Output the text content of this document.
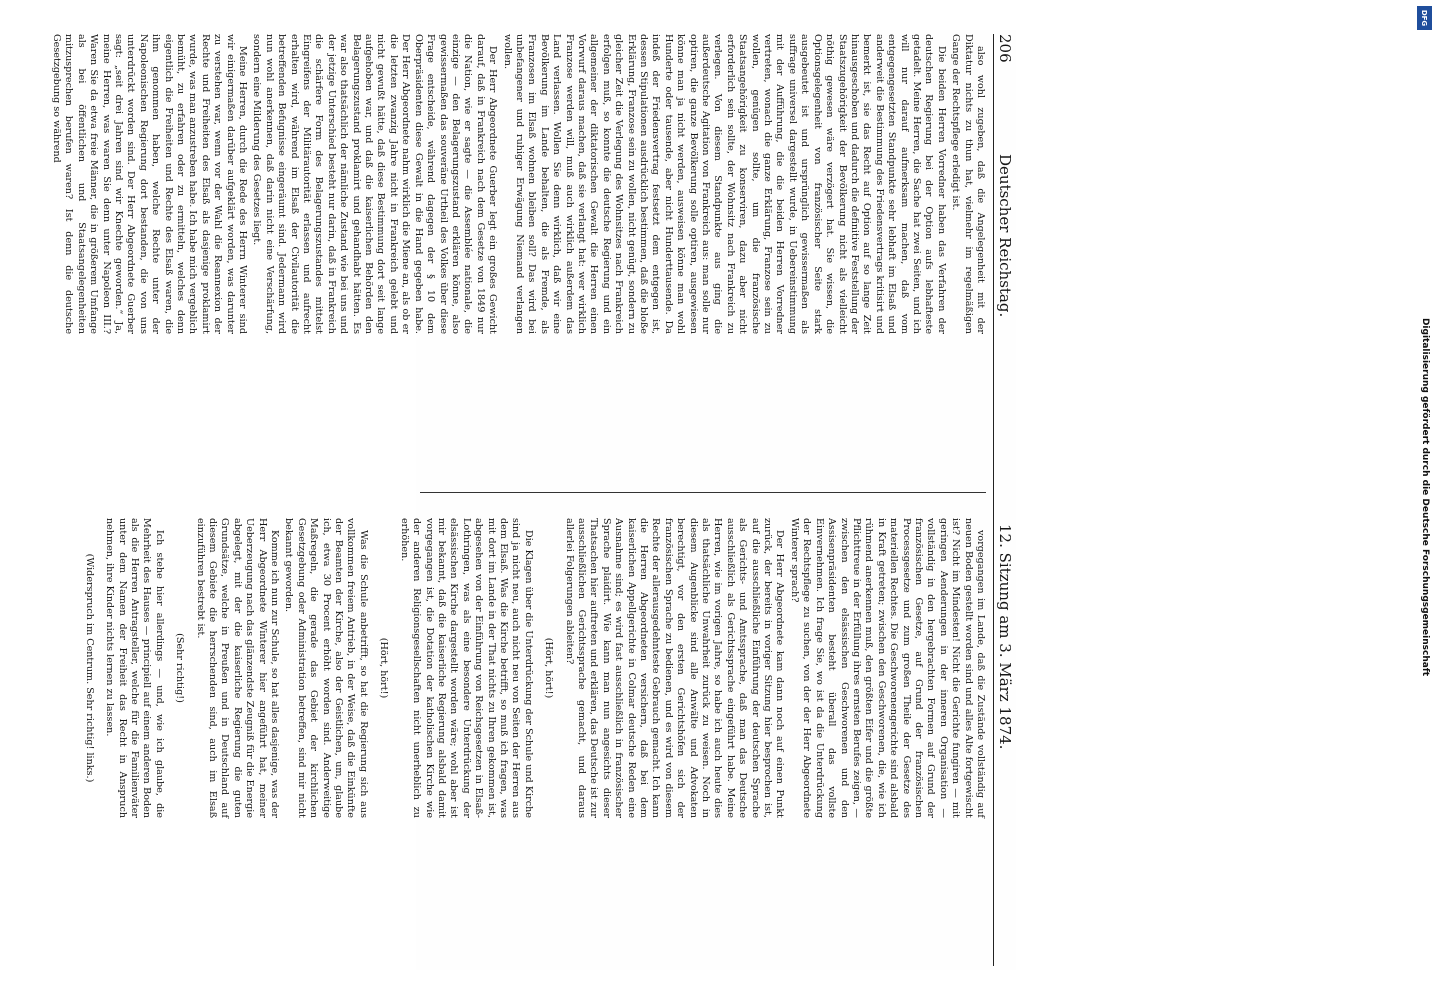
206
Deutscher Reichstag.
12. Sitzung am 3. März 1874.

also wohl zugeben, daß die Angelegenheit mit der Diktatur nichts zu thun hat, vielmehr im regelmäßigen Gange der Rechtspflege erledigt ist.

Die beiden Herren Vorredner haben das Verfahren der deutschen Regierung bei der Option aufs lebhafteste getadelt. Meine Herren, die Sache hat zwei Seiten, und ich will nur darauf aufmerksam machen, daß vom entgegengesetzten Standpunkte sehr lebhaft im Elsaß und anderweit die Bestimmung des Friedensvertrags kritisirt und bemerkt ist, sie das Recht auf Option auf so lange Zeit hinausgeschoben und dadurch die definitive Feststellung der Staatszugehörigkeit der Bevölkerung nicht als vielleicht nöthig gewesen wäre verzögert hat. Sie wissen, die Optionsgelegenheit von französischer Seite stark ausgebeutet ist und ursprünglich gewissermaßen als suffrage universel dargestellt wurde, in Uebereinstimmung mit der Aufführung, die die beiden Herren Vorredner vertreten, wonach die ganze Erklärung, Franzose sein zu wollen, genügen sollte, um die französische Staatsangehörigkeit zu konserviren, dazu aber nicht erforderlich sein sollte, der Wohnsitz nach Frankreich zu verlegen. Von diesem Standpunkte aus ging die außerdeutsche Agitation von Frankreich aus: man solle nur optiren, die ganze Bevölkerung solle optiren, ausgewiesen könne man ja nicht werden, ausweisen könne man wohl Hunderte oder tausende, aber nicht Hunderttausende. Da indeß der Friedensvertrag festsetzt dem entgegen ist, dessen Stipulationen ausdrücklich bestimmen, daß die bloße Erklärung, Franzose sein zu wollen, nicht genügt, sondern zu gleicher Zeit die Verlegung des Wohnsitzes nach Frankreich erfolgen muß, so konnte die deutsche Regierung und ein allgemeiner der diktatorischen Gewalt die Herren einen Vorwurf daraus machen, daß sie verlangt hat: wer wirklich Franzose werden will, muß auch wirklich außerdem das Land verlassen. Wollen Sie denn wirklich, daß wir eine Bevölkerung im Lande behalten, die als Fremde, als Franzosen im Elsaß wohnen bleiben soll? Das wird bei unbefangener und ruhiger Erwägung Niemand verlangen wollen.

Der Herr Abgeordnete Guerber legt ein großes Gewicht darauf, daß in Frankreich nach dem Gesetze von 1849 nur die Nation, wie er sagte — die Assemblée nationale, die einzige — den Belagerungszustand erklären könne, also gewissermaßen das souveräne Urtheil des Volkes über diese Frage entscheide, während dagegen der § 10 dem Oberpräsidenten diese Gewalt in die Hand gegeben habe. Der Herr Abgeordnete nahm wirklich die Miene an, als ob er die letzten zwanzig Jahre nicht in Frankreich gelebt und nicht gewußt hätte, daß diese Bestimmung dort seit lange aufgehoben war, und daß die kaiserlichen Behörden den Belagerungszustand proklamirt und gehandhabt hätten. Es war also thatsächlich der nämliche Zustand wie bei uns und der jetzige Unterschied besteht nur darin, daß in Frankreich die schärfere Form des Belagerungszustandes mittelst Eingreifens der Militärautorität erlassen und aufrecht erhalten wird, während im Elsaß der Civilautorität die betreffenden Befugnisse eingeräumt sind. Jedermann wird nun wohl anerkennen, daß darin nicht eine Verschärfung, sondern eine Milderung des Gesetzes liegt.

Meine Herren, durch die Rede des Herrn Winterer sind wir einigermaßen darüber aufgeklärt worden, was darunter zu verstehen war, wenn vor der Wahl die Reannexion der Rechte und Freiheiten des Elsaß als dasjenige proklamirt wurde, was man anzustreben habe. Ich habe mich vergeblich bemüht, zu erfahren oder zu ermitteln, welches denn eigentlich die Freiheiten und Rechte des Elsaß waren, die ihm genommen haben, welche Rechte unter der Napoleonischen Regierung dort bestanden, die von uns unterdrückt worden sind. Der Herr Abgeordnete Guerber sagt: „seit drei Jahren sind wir Knechte geworden.“ Ja, meine Herren, was waren Sie denn unter Napoleon III.? Waren Sie da etwa freie Männer, die in größerem Umfange als bei öffentlichen und Staatsangelegenheiten mitzusprechen berufen waren? Ist denn die deutsche Gesetzgebung so während

vorgegangen im Lande, daß die Zustände vollständig auf neuen Boden gestellt worden sind und alles Alte fortgewischt ist? Nicht im Mindesten! Nicht die Gerichte fungiren — mit geringen Aenderungen in der inneren Organisation — vollständig in den hergebrachten Formen auf Grund der französischen Gesetze, auf Grund der französischen Processgesetze und zum großen Theile der Gesetze des materiellen Rechtes. Die Geschworenengerichte sind alsbald in Kraft getreten; zwischen den Geschworenen, die, wie ich rühmend anerkennen muß, den größten Eifer und die größte Pflichttreue in der Erfüllung ihres ernsten Berufes zeigen, — zwischen den elsässischen Geschworenen und den Assisenpräsidenten besteht überall das vollste Einvernehmen. Ich frage Sie, wo ist da die Unterdrückung der Rechtspflege zu suchen, von der der Herr Abgeordnete Winterer sprach?

Der Herr Abgeordnete kam dann noch auf einen Punkt zurück, der bereits in voriger Sitzung hier besprochen ist, auf die ausschließliche Einführung der deutschen Sprache als Gerichts- und Amtssprache, daß man das Deutsche ausschließlich als Gerichtssprache eingeführt habe. Meine Herren, wie im vorigen Jahre, so habe ich auch heute dies als thatsächliche Unwahrheit zurück zu weisen. Noch in diesem Augenblicke sind alle Anwälte und Advokaten berechtigt, vor den ersten Gerichtshöfen sich der französischen Sprache zu bedienen, und es wird von diesem Rechte der allerausgedehnteste Gebrauch gemacht. Ich kann die Herren Abgeordneten versichern, daß bei dem kaiserlichen Appellgerichte in Colmar deutsche Reden eine Ausnahme sind; es wird fast ausschließlich in französischer Sprache plaidirt. Wie kann man nun angesichts dieser Thatsachen hier auftreten und erklären, das Deutsche ist zur ausschließlichen Gerichtssprache gemacht, und daraus allerlei Folgerungen ableiten?

(Hört, hört!)

Die Klagen über die Unterdrückung der Schule und Kirche sind ja nicht neu, auch nicht neu von Seiten der Herren aus dem Elsaß. Was die Kirche betrifft, so muß ich fragen, was mit dort im Lande in der That nichts zu Ihren gekommen ist, abgesehen von der Einführung von Reichsgesetzen in Elsaß-Lothringen, was als eine besondere Unterdrückung der elsässischen Kirche dargestellt worden wäre; wohl aber ist mir bekannt, daß die kaiserliche Regierung alsbald damit vorgegangen ist, die Dotation der katholischen Kirche wie der anderen Religionsgesellschaften nicht unerheblich zu erhöhen.

(Hört, hört!)

Was die Schule anbetrifft, so hat die Regierung sich aus vollkommen freiem Antrieb, in der Weise, daß die Einkünfte der Beamten der Kirche, also der Geistlichen, um, glaube ich, etwa 30 Procent erhöht worden sind. Anderweitige Maßregeln, die gerade das Gebiet der kirchlichen Gesetzgebung oder Administration betreffen, sind mir nicht bekannt geworden.

Komme ich nun zur Schule, so hat alles dasjenige, was der Herr Abgeordnete Winterer hier angeführt hat, meiner Ueberzeugung nach das glänzendste Zeugniß für die Energie abgelegt, mit der die kaiserliche Regierung die guten Grundsätze, welche in Preußen und in Deutschland auf diesem Gebiete die herrschenden sind, auch im Elsaß einzuführen bestrebt ist.

(Sehr richtig!)

Ich stehe hier allerdings — und, wie ich glaube, die Mehrheit des Hauses — principiell auf einem anderen Boden als die Herren Antragsteller, welche für die Familienväter unter dem Namen der Freiheit das Recht in Anspruch nehmen, ihre Kinder nichts lernen zu lassen.

(Widerspruch im Centrum. Sehr richtig! links.)

DFG
Digitalisierung gefördert durch die Deutsche Forschungsgemeinschaft
